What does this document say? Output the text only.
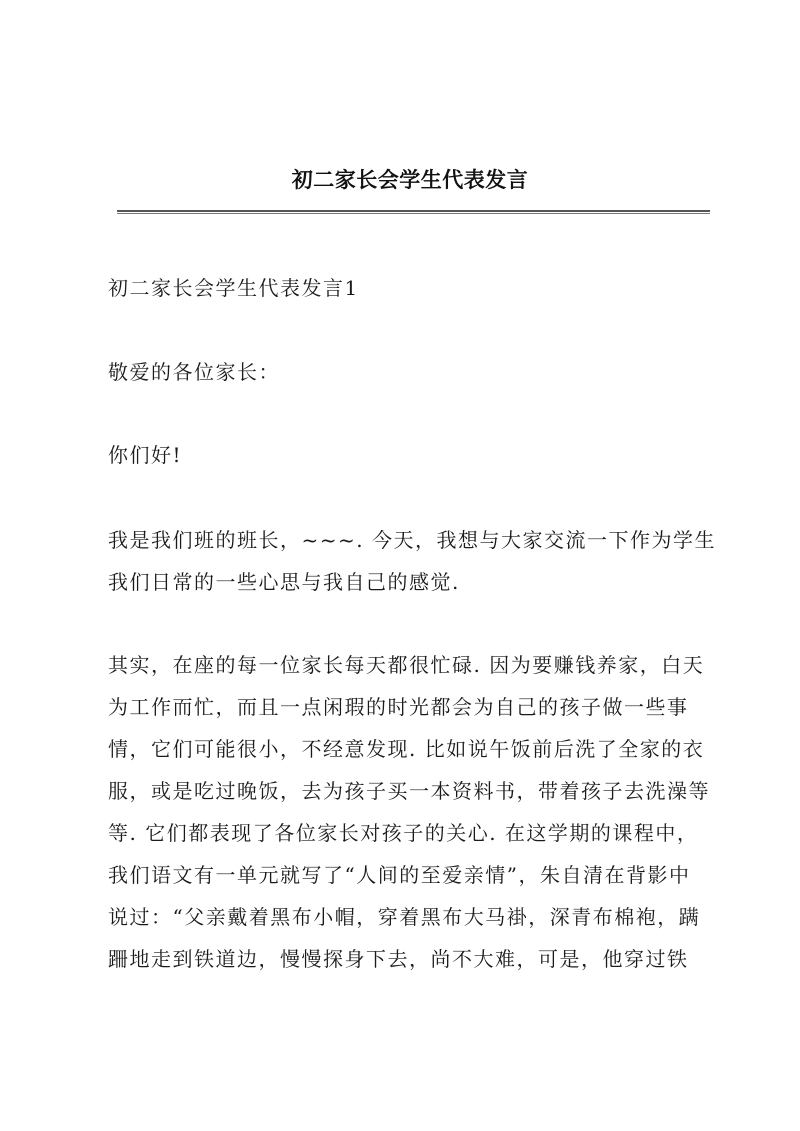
初二家长会学生代表发言
初二家长会学生代表发言1
敬爱的各位家长：
你们好!
我是我们班的班长，~~~. 今天，我想与大家交流一下作为学生
我们日常的一些心思与我自己的感觉.
其实，在座的每一位家长每天都很忙碌. 因为要赚钱养家，白天
为工作而忙，而且一点闲瑕的时光都会为自己的孩子做一些事
情，它们可能很小，不经意发现. 比如说午饭前后洗了全家的衣
服，或是吃过晚饭，去为孩子买一本资料书，带着孩子去洗澡等
等. 它们都表现了各位家长对孩子的关心. 在这学期的课程中，
我们语文有一单元就写了“人间的至爱亲情”，朱自清在背影中
说过：“父亲戴着黑布小帽，穿着黑布大马褂，深青布棉袍，蹒
跚地走到铁道边，慢慢探身下去，尚不大难，可是，他穿过铁
